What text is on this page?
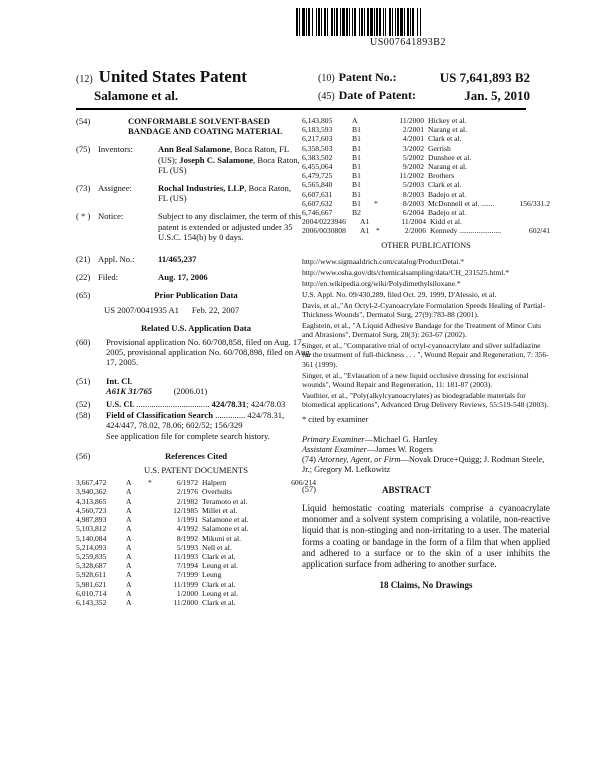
US007641893B2
(12) United States Patent
Salamone et al.
(10) Patent No.:	US 7,641,893 B2
(45) Date of Patent:	Jan. 5, 2010
(54)	CONFORMABLE SOLVENT-BASED
BANDAGE AND COATING MATERIAL
(75) Inventors:	Ann Beal Salamone, Boca Raton, FL
(US); Joseph C. Salamone, Boca Raton,
FL (US)
(73) Assignee:	Rochal Industries, LLP, Boca Raton,
FL (US)
( * ) Notice:	Subject to any disclaimer, the term of this patent is extended or adjusted under 35 U.S.C. 154(b) by 0 days.
(21) Appl. No.:	11/465,237
(22) Filed:	Aug. 17, 2006
(65)	Prior Publication Data
US 2007/0041935 A1 Feb. 22, 2007
Related U.S. Application Data
(60)	Provisional application No. 60/708,858, filed on Aug. 17, 2005, provisional application No. 60/708,898, filed on Aug. 17, 2005.
(51)	Int. Cl.
A61K 31/765 (2006.01)
(52)	U.S. Cl. .................................. 424/78.31; 424/78.03
(58)	Field of Classification Search .............. 424/78.31, 424/447, 78.02, 78.06; 602/52; 156/329
See application file for complete search history.
(56)	References Cited
U.S. PATENT DOCUMENTS
3,667,472	A	*	6/1972 Halpern	606/214
3,940,362	A	2/1976 Overhults
4,313,865	A	2/1982 Teramoto et al.
4,560,723	A	12/1985 Millet et al.
4,987,893	A	1/1991 Salamone et al.
5,103,812	A	4/1992 Salamone et al.
5,140,084	A	8/1992 Mikuni et al.
5,214,093	A	5/1993 Nell et al.
5,259,835	A	11/1993 Clark et al.
5,328,687	A	7/1994 Leung et al.
5,928,611	A	7/1999 Leung
5,981,621	A	11/1999 Clark et al.
6,010,714	A	1/2000 Leung et al.
6,143,352	A	11/2000 Clark et al.
6,143,805	A	11/2000 Hickey et al.
6,183,593	B1	2/2001 Narang et al.
6,217,603	B1	4/2001 Clark et al.
6,358,503	B1	3/2002 Gerrish
6,383,502	B1	5/2002 Dunshee et al.
6,455,064	B1	9/2002 Narang et al.
6,479,725	B1	11/2002 Brothers
6,565,840	B1	5/2003 Clark et al.
6,607,631	B1	8/2003 Badejo et al.
6,607,632	B1	*	8/2003 McDonnell et al. .......	156/331.2
6,746,667	B2	6/2004 Badejo et al.
2004/0223946	A1	11/2004 Kidd et al.
2006/0030808	A1 *	2/2006 Kennedy ......................	602/41
OTHER PUBLICATIONS
http://www.sigmaaldrich.com/catalog/ProductDetai.*
http://www.osha.gov/dts/chemicalsampling/data/CH_231525.html.*
http://en.wikipedia.org/wiki/Polydimethylsiloxane.*
U.S. Appl. No. 09/430,289, filed Oct. 29, 1999, D'Alessio, et al.
Davis, et al.,"An Octyl-2-Cyanoacrylate Formulation Speeds Healing of Partial-Thickness Wounds", Dermatol Surg, 27(9):783-88 (2001).
Eaglstein, et al., "A Liquid Adhesive Bandage for the Treatment of Minor Cuts and Abrasions", Dermatol Surg, 28(3): 263-67 (2002).
Singer, et al., "Comparative trial of octyl-cyanoacrylate and silver sulfadiazine for the treatment of full-thickness . . . ", Wound Repair and Regeneration, 7: 356-361 (1999).
Singer, et al., "Evlauation of a new liquid occlusive dressing for excisional wounds", Wound Repair and Regeneration, 11: 181-87 (2003).
Vauthier, et al., "Poly(alkylcyanoacrylates) as biodegradable materials for biomedical applications", Advanced Drug Delivery Reviews, 55:519-548 (2003).
* cited by examiner
Primary Examiner—Michael G. Hartley
Assistant Examiner—James W. Rogers
(74) Attorney, Agent, or Firm—Novak Druce+Quigg; J. Rodman Steele, Jr.; Gregory M. Lefkowitz
(57)	ABSTRACT
Liquid hemostatic coating materials comprise a cyanoacrylate monomer and a solvent system comprising a volatile, non-reactive liquid that is non-stinging and non-irritating to a user. The material forms a coating or bandage in the form of a film that when applied and adhered to a surface or to the skin of a user inhibits the application surface from adhering to another surface.
18 Claims, No Drawings
